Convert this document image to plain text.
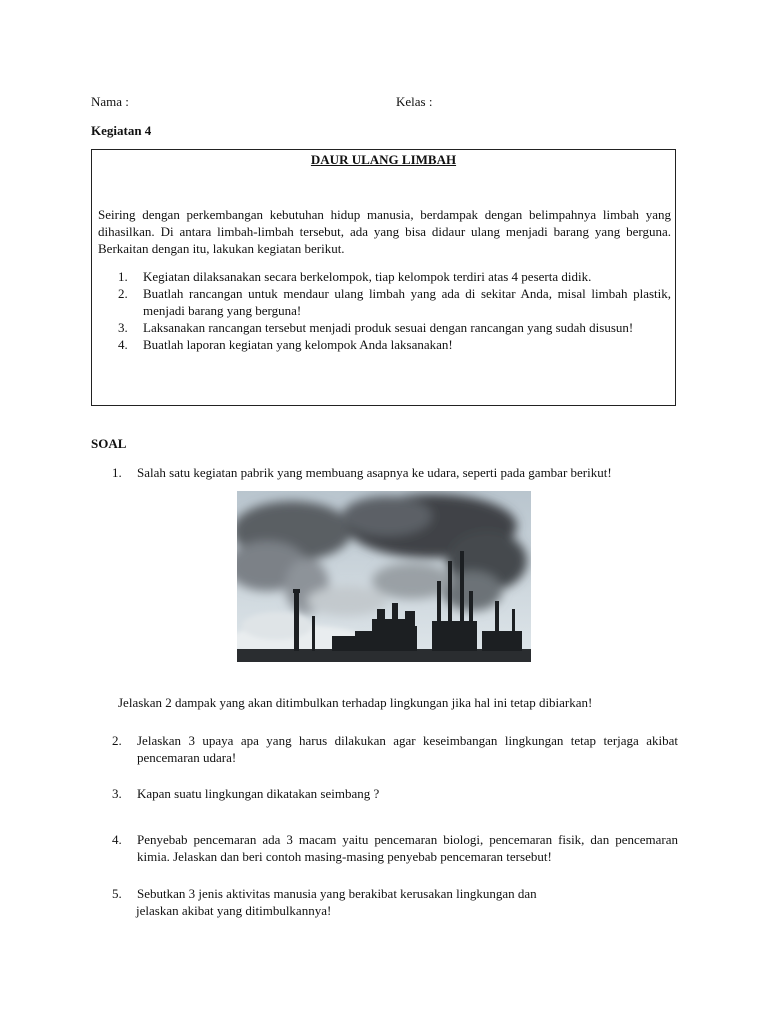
Nama :	Kelas :
Kegiatan 4
DAUR ULANG LIMBAH
Seiring dengan perkembangan kebutuhan hidup manusia, berdampak dengan belimpahnya limbah yang dihasilkan. Di antara limbah-limbah tersebut, ada yang bisa didaur ulang menjadi barang yang berguna. Berkaitan dengan itu, lakukan kegiatan berikut.
1. Kegiatan dilaksanakan secara berkelompok, tiap kelompok terdiri atas 4 peserta didik.
2. Buatlah rancangan untuk mendaur ulang limbah yang ada di sekitar Anda, misal limbah plastik, menjadi barang yang berguna!
3. Laksanakan rancangan tersebut menjadi produk sesuai dengan rancangan yang sudah disusun!
4. Buatlah laporan kegiatan yang kelompok Anda laksanakan!
SOAL
1. Salah satu kegiatan pabrik yang membuang asapnya ke udara, seperti pada gambar berikut!
Jelaskan 2 dampak yang akan ditimbulkan terhadap lingkungan jika hal ini tetap dibiarkan!
2. Jelaskan 3 upaya apa yang harus dilakukan agar keseimbangan lingkungan tetap terjaga akibat pencemaran udara!
3. Kapan suatu lingkungan dikatakan seimbang ?
4. Penyebab pencemaran ada 3 macam yaitu pencemaran biologi, pencemaran fisik, dan pencemaran kimia. Jelaskan dan beri contoh masing-masing penyebab pencemaran tersebut!
5. Sebutkan 3 jenis aktivitas manusia yang berakibat kerusakan lingkungan dan
jelaskan akibat yang ditimbulkannya!
